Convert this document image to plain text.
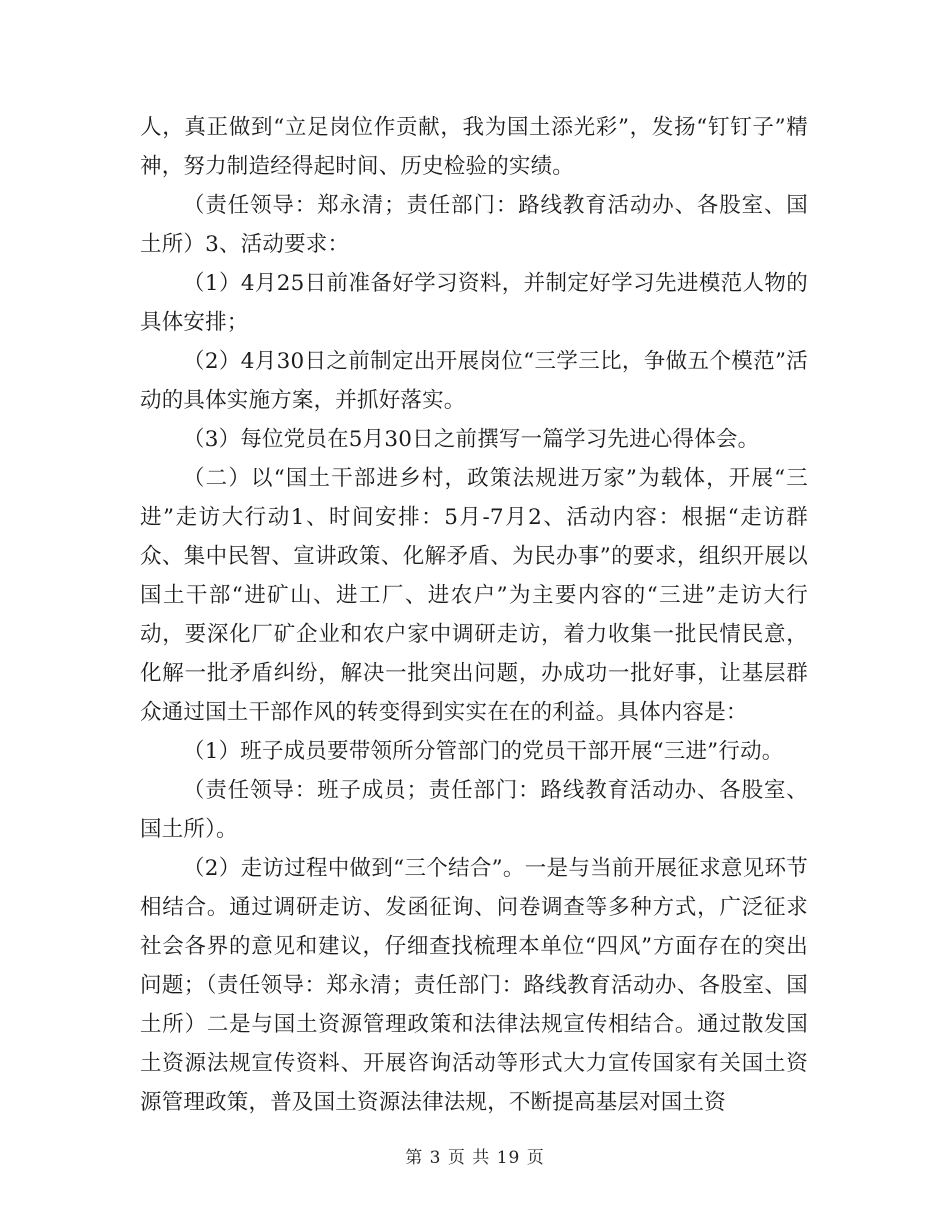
人，真正做到“立足岗位作贡献，我为国土添光彩”，发扬“钉钉子”精神，努力制造经得起时间、历史检验的实绩。

（责任领导：郑永清；责任部门：路线教育活动办、各股室、国土所）3、活动要求：

（1）4月25日前准备好学习资料，并制定好学习先进模范人物的具体安排；

（2）4月30日之前制定出开展岗位“三学三比，争做五个模范”活动的具体实施方案，并抓好落实。

（3）每位党员在5月30日之前撰写一篇学习先进心得体会。

（二）以“国土干部进乡村，政策法规进万家”为载体，开展“三进”走访大行动1、时间安排：5月-7月2、活动内容：根据“走访群众、集中民智、宣讲政策、化解矛盾、为民办事”的要求，组织开展以国土干部“进矿山、进工厂、进农户”为主要内容的“三进”走访大行动，要深化厂矿企业和农户家中调研走访，着力收集一批民情民意，化解一批矛盾纠纷，解决一批突出问题，办成功一批好事，让基层群众通过国土干部作风的转变得到实实在在的利益。具体内容是：

（1）班子成员要带领所分管部门的党员干部开展“三进”行动。

（责任领导：班子成员；责任部门：路线教育活动办、各股室、国土所）。

（2）走访过程中做到“三个结合”。一是与当前开展征求意见环节相结合。通过调研走访、发函征询、问卷调查等多种方式，广泛征求社会各界的意见和建议，仔细查找梳理本单位“四风”方面存在的突出问题；（责任领导：郑永清；责任部门：路线教育活动办、各股室、国土所）二是与国土资源管理政策和法律法规宣传相结合。通过散发国土资源法规宣传资料、开展咨询活动等形式大力宣传国家有关国土资源管理政策，普及国土资源法律法规，不断提高基层对国土资

第 3 页 共 19 页
